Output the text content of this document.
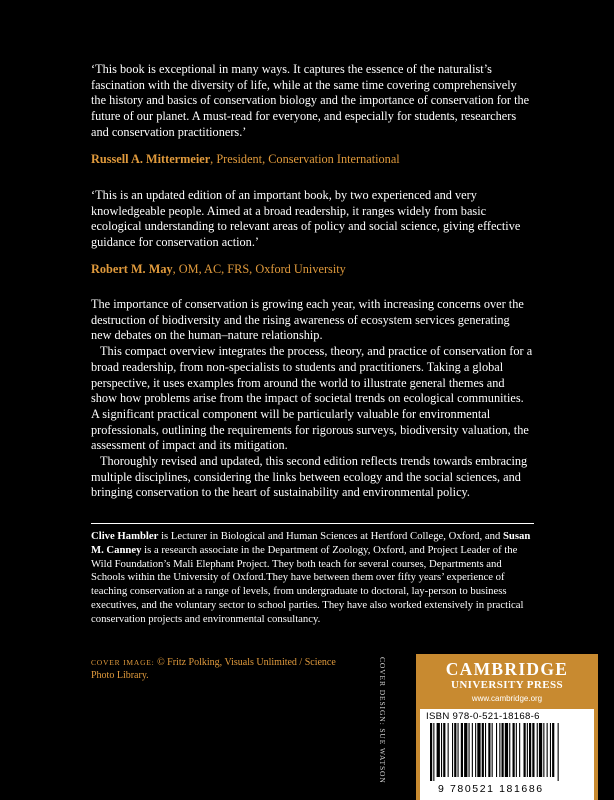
‘This book is exceptional in many ways. It captures the essence of the naturalist’s fascination with the diversity of life, while at the same time covering comprehensively the history and basics of conservation biology and the importance of conservation for the future of our planet. A must-read for everyone, and especially for students, researchers and conservation practitioners.’
Russell A. Mittermeier, President, Conservation International
‘This is an updated edition of an important book, by two experienced and very knowledgeable people. Aimed at a broad readership, it ranges widely from basic ecological understanding to relevant areas of policy and social science, giving effective guidance for conservation action.’
Robert M. May, OM, AC, FRS, Oxford University

The importance of conservation is growing each year, with increasing concerns over the destruction of biodiversity and the rising awareness of ecosystem services generating new debates on the human–nature relationship.

This compact overview integrates the process, theory, and practice of conservation for a broad readership, from non-specialists to students and practitioners. Taking a global perspective, it uses examples from around the world to illustrate general themes and show how problems arise from the impact of societal trends on ecological communities. A significant practical component will be particularly valuable for environmental professionals, outlining the requirements for rigorous surveys, biodiversity valuation, the assessment of impact and its mitigation.

Thoroughly revised and updated, this second edition reflects trends towards embracing multiple disciplines, considering the links between ecology and the social sciences, and bringing conservation to the heart of sustainability and environmental policy.

Clive Hambler is Lecturer in Biological and Human Sciences at Hertford College, Oxford, and Susan M. Canney is a research associate in the Department of Zoology, Oxford, and Project Leader of the Wild Foundation’s Mali Elephant Project. They both teach for several courses, Departments and Schools within the University of Oxford.They have between them over fifty years’ experience of teaching conservation at a range of levels, from undergraduate to doctoral, lay-person to business executives, and the voluntary sector to school parties. They have also worked extensively in practical conservation projects and environmental consultancy.
COVER IMAGE: © Fritz Polking, Visuals Unlimited / Science Photo Library.	COVER DESIGN: SUE WATSON	CAMBRIDGE
UNIVERSITY PRESS
www.cambridge.org
ISBN 978-0-521-18168-6
9 780521 181686
